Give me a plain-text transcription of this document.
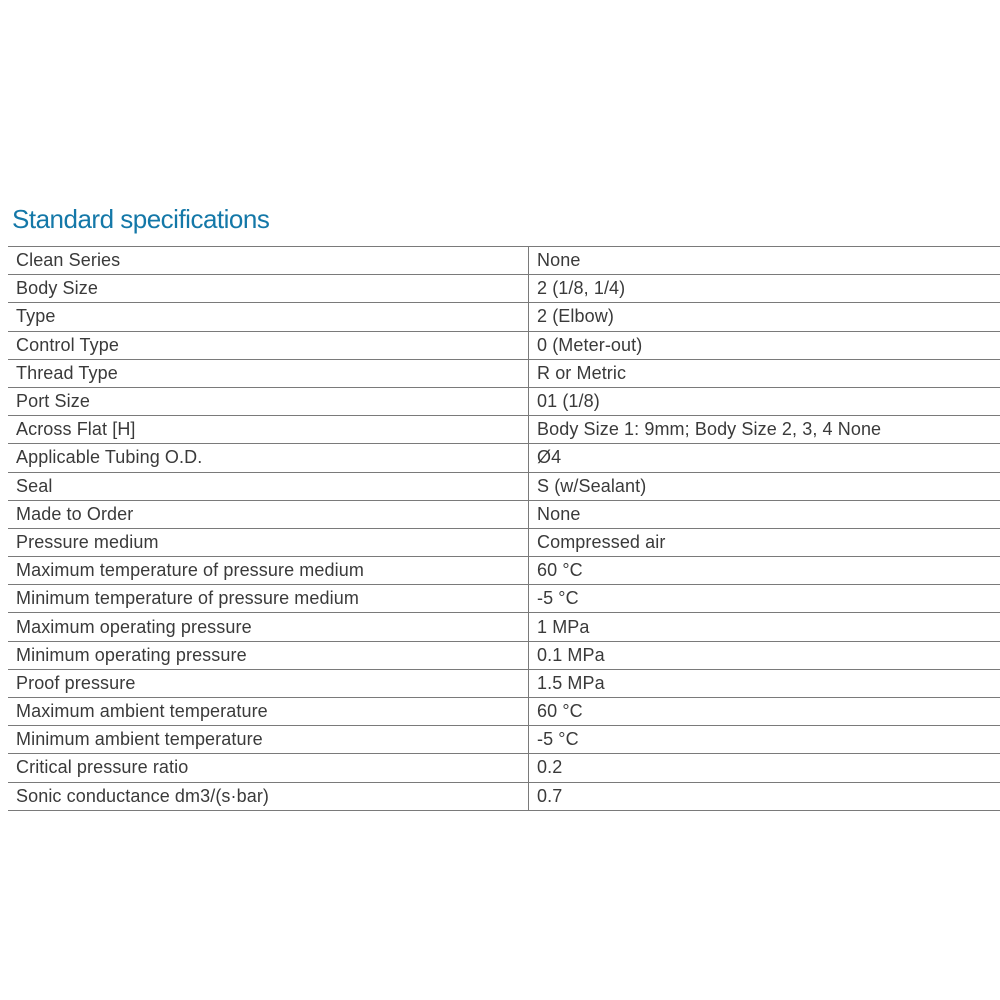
Standard specifications
Clean Series	None
Body Size	2 (1/8, 1/4)
Type	2 (Elbow)
Control Type	0 (Meter-out)
Thread Type	R or Metric
Port Size	01 (1/8)
Across Flat [H]	Body Size 1: 9mm; Body Size 2, 3, 4 None
Applicable Tubing O.D.	Ø4
Seal	S (w/Sealant)
Made to Order	None
Pressure medium	Compressed air
Maximum temperature of pressure medium	60 °C
Minimum temperature of pressure medium	-5 °C
Maximum operating pressure	1 MPa
Minimum operating pressure	0.1 MPa
Proof pressure	1.5 MPa
Maximum ambient temperature	60 °C
Minimum ambient temperature	-5 °C
Critical pressure ratio	0.2
Sonic conductance dm3/(s·bar)	0.7
